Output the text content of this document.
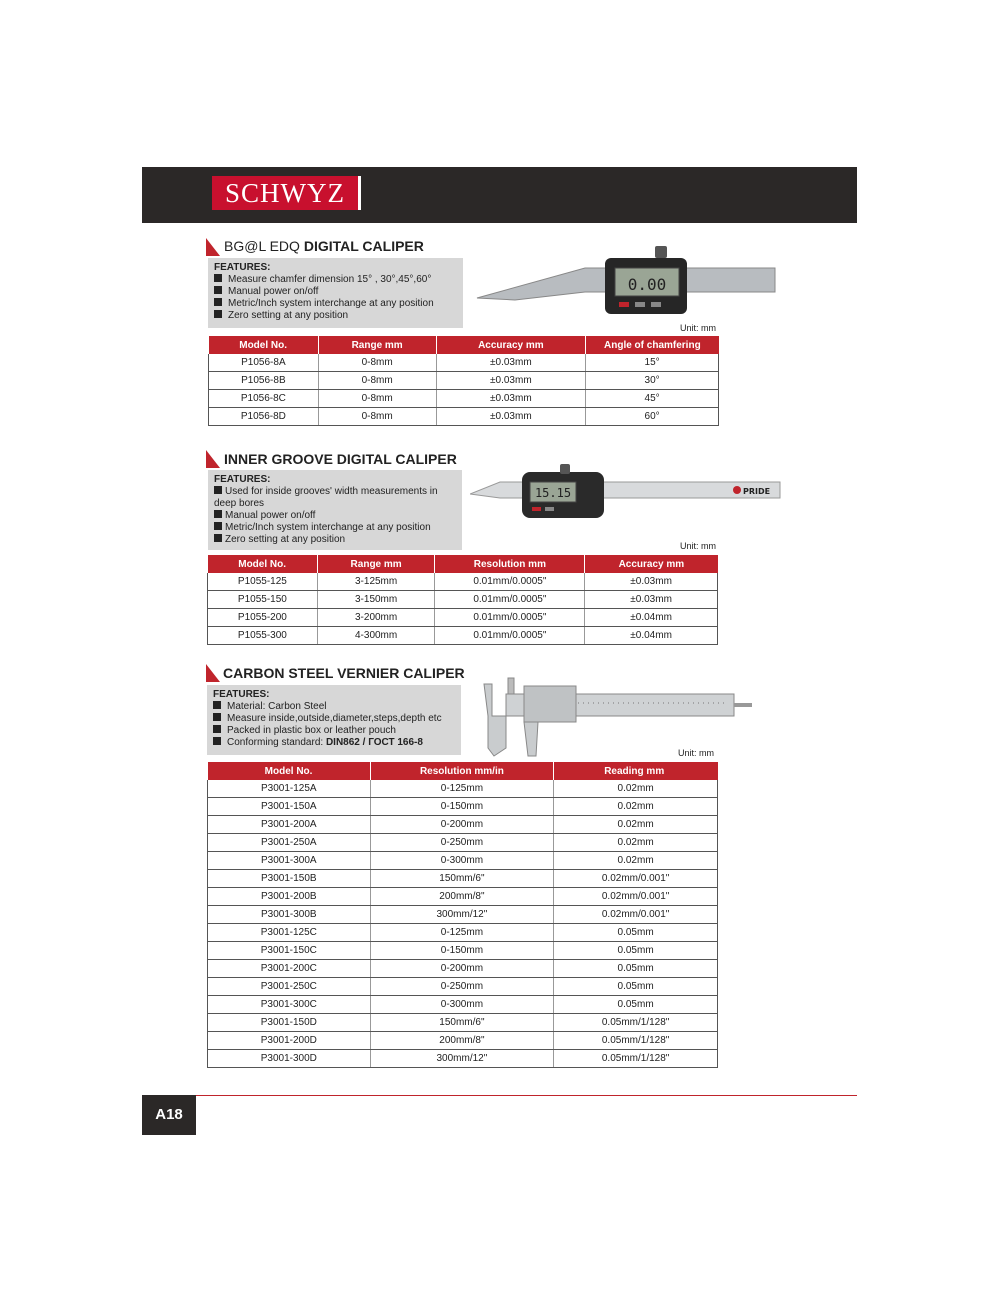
SCHWYZ
BG@L EDQ DIGITAL CALIPER
FEATURES:
Measure chamfer dimension 15° , 30°,45°,60°
Manual power on/off
Metric/Inch system interchange at any position
Zero setting at any position
0.00
Unit: mm
Model No.	Range mm	Accuracy mm	Angle of chamfering
P1056-8A	0-8mm	±0.03mm	15°
P1056-8B	0-8mm	±0.03mm	30°
P1056-8C	0-8mm	±0.03mm	45°
P1056-8D	0-8mm	±0.03mm	60°
INNER GROOVE DIGITAL CALIPER
FEATURES:
Used for inside grooves' width measurements in deep bores
Manual power on/off
Metric/Inch system interchange at any position
Zero setting at any position
15.15	PRIDE
Unit: mm
Model No.	Range mm	Resolution mm	Accuracy mm
P1055-125	3-125mm	0.01mm/0.0005"	±0.03mm
P1055-150	3-150mm	0.01mm/0.0005"	±0.03mm
P1055-200	3-200mm	0.01mm/0.0005"	±0.04mm
P1055-300	4-300mm	0.01mm/0.0005"	±0.04mm
CARBON STEEL VERNIER CALIPER
FEATURES:
Material: Carbon Steel
Measure inside,outside,diameter,steps,depth etc
Packed in plastic box or leather pouch
Conforming standard: DIN862 / ГОСТ 166-8
Unit: mm
Model No.	Resolution mm/in	Reading mm
P3001-125A	0-125mm	0.02mm
P3001-150A	0-150mm	0.02mm
P3001-200A	0-200mm	0.02mm
P3001-250A	0-250mm	0.02mm
P3001-300A	0-300mm	0.02mm
P3001-150B	150mm/6"	0.02mm/0.001"
P3001-200B	200mm/8"	0.02mm/0.001"
P3001-300B	300mm/12"	0.02mm/0.001"
P3001-125C	0-125mm	0.05mm
P3001-150C	0-150mm	0.05mm
P3001-200C	0-200mm	0.05mm
P3001-250C	0-250mm	0.05mm
P3001-300C	0-300mm	0.05mm
P3001-150D	150mm/6"	0.05mm/1/128"
P3001-200D	200mm/8"	0.05mm/1/128"
P3001-300D	300mm/12"	0.05mm/1/128"
A18
